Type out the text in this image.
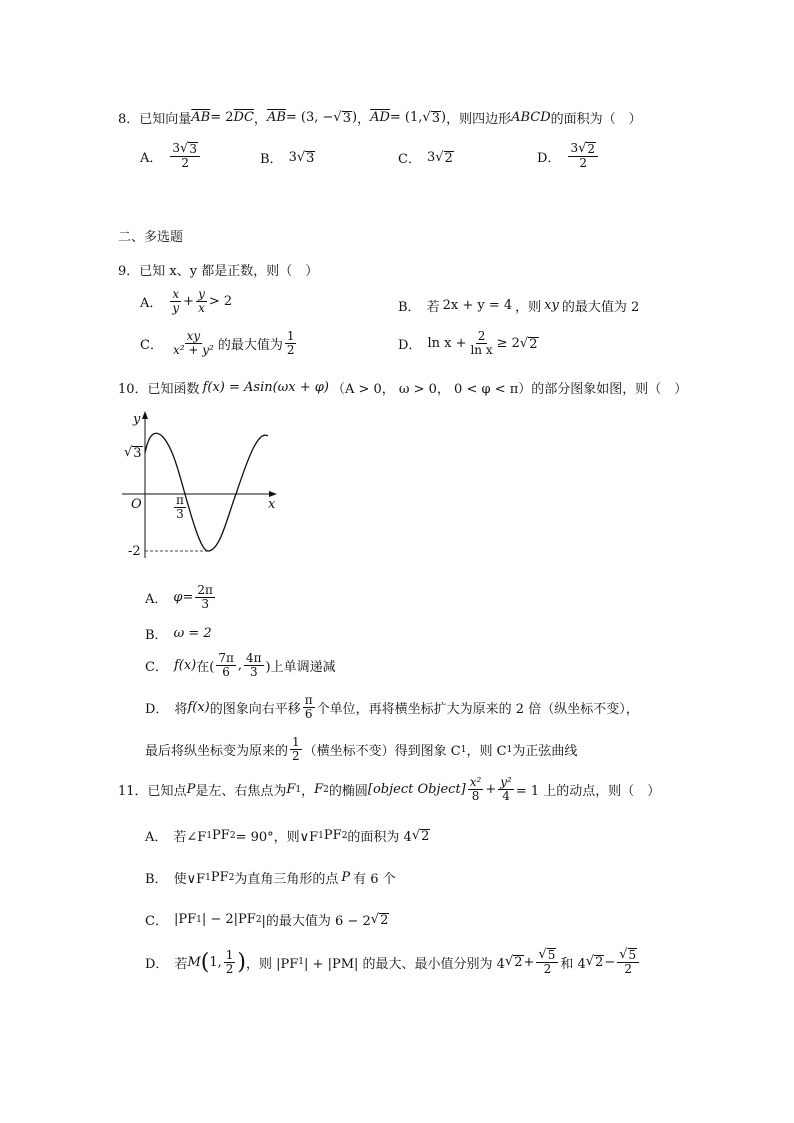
8． 已知向量 $\overline{AB} = 2$ $\overline{DC}$ ， $\overline{AB} = (3$, − √ 3 ) ， $\overline{AD} = (1$, √ 3 ) ，则四边形 ABCD 的面积为（　）
A． $\frac{3 √ 3}{2}$	B． 3 √ 3	C． 3 √ 2	D． $\frac{3 √ 2}{2}$
二、多选题
9． 已知 x、y 都是正数，则（　）
A． $\frac{x}{y} + \frac{y}{x} > 2$	B． 若 2x + y = 4 ，则 xy 的最大值为 2
C． $\frac{xy}{\text{x² + y²}}$ 的最大值为 $\frac{1}{2}$	D． $\ln x + \frac{2}{\text{ln x}} \ge 2$ √ 2
10． 已知函数 f(x) = Asin(ωx + φ) （A > 0， ω > 0， 0 < φ < π）的部分图象如图，则（　）
y
x
O
√ 3
$\frac{\pi}{3}$
-2
A． $\varphi= \frac{2\pi}{3}$
B． ω = 2
C． f(x) 在( $\frac{7\pi}{6}$ , $\frac{4\pi}{3}$ )上单调递减
D． 将 f(x) 的图象向右平移 $\frac{\pi}{6}$ 个单位，再将横坐标扩大为原来的 2 倍（纵坐标不变），
最后将纵坐标变为原来的 $\frac{1}{2}$ （横坐标不变）得到图象 C 1 ，则 C 1 为正弦曲线
11． 已知点 P 是左、右焦点为 F 1 ， F 2 的椭圆 [object Object] $\frac{\text{x²}}{8} + \frac{\text{y²}}{4} = 1$ 上的动点，则（　）
A． 若∠F 1 PF 2 = 90°，则∨F 1 PF 2 的面积为 4 √ 2
B． 使∨F 1 PF 2 为直角三角形的点 P 有 6 个
C． |PF 1 | − 2|PF 2 |的最大值为 6 − 2 √ 2
D． 若 M ( 1 , $\frac{1}{2}$ ) ，则 |PF 1 | + |PM| 的最大、最小值分别为 4 √ $2 + \frac{√ 5}{2}$ 和 4 √ $2 - \frac{√ 5}{2}$
